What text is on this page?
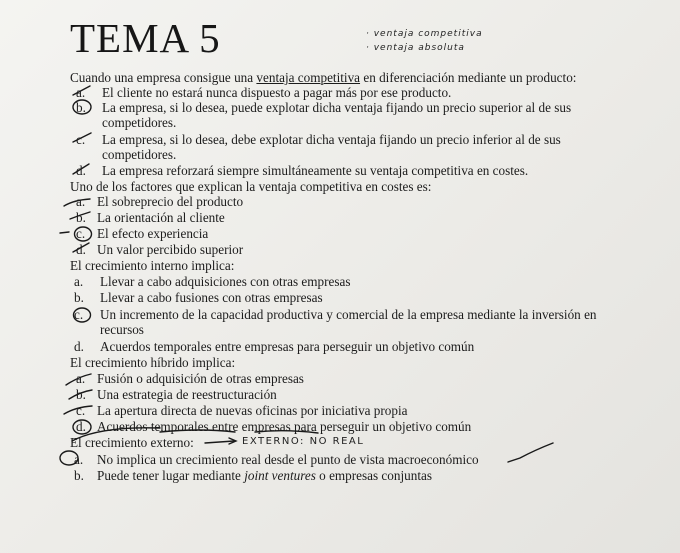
TEMA 5	· ventaja competitiva
· ventaja absoluta
Cuando una empresa consigue una ventaja competitiva en diferenciación mediante un producto:
a.	El cliente no estará nunca dispuesto a pagar más por ese producto.
b.	La empresa, si lo desea, puede explotar dicha ventaja fijando un precio superior al de sus competidores.
c.	La empresa, si lo desea, debe explotar dicha ventaja fijando un precio inferior al de sus competidores.
d.	La empresa reforzará siempre simultáneamente su ventaja competitiva en costes.
Uno de los factores que explican la ventaja competitiva en costes es:
a. El sobreprecio del producto
b. La orientación al cliente
c. El efecto experiencia
d. Un valor percibido superior
El crecimiento interno implica:
a.	Llevar a cabo adquisiciones con otras empresas
b.	Llevar a cabo fusiones con otras empresas
c.	Un incremento de la capacidad productiva y comercial de la empresa mediante la inversión en recursos
d.	Acuerdos temporales entre empresas para perseguir un objetivo común
El crecimiento híbrido implica:
a. Fusión o adquisición de otras empresas
b. Una estrategia de reestructuración
c. La apertura directa de nuevas oficinas por iniciativa propia
d. Acuerdos temporales entre empresas para perseguir un objetivo común
El crecimiento externo:	EXTERNO: NO REAL
a.	No implica un crecimiento real desde el punto de vista macroeconómico
b. Puede tener lugar mediante joint ventures o empresas conjuntas
